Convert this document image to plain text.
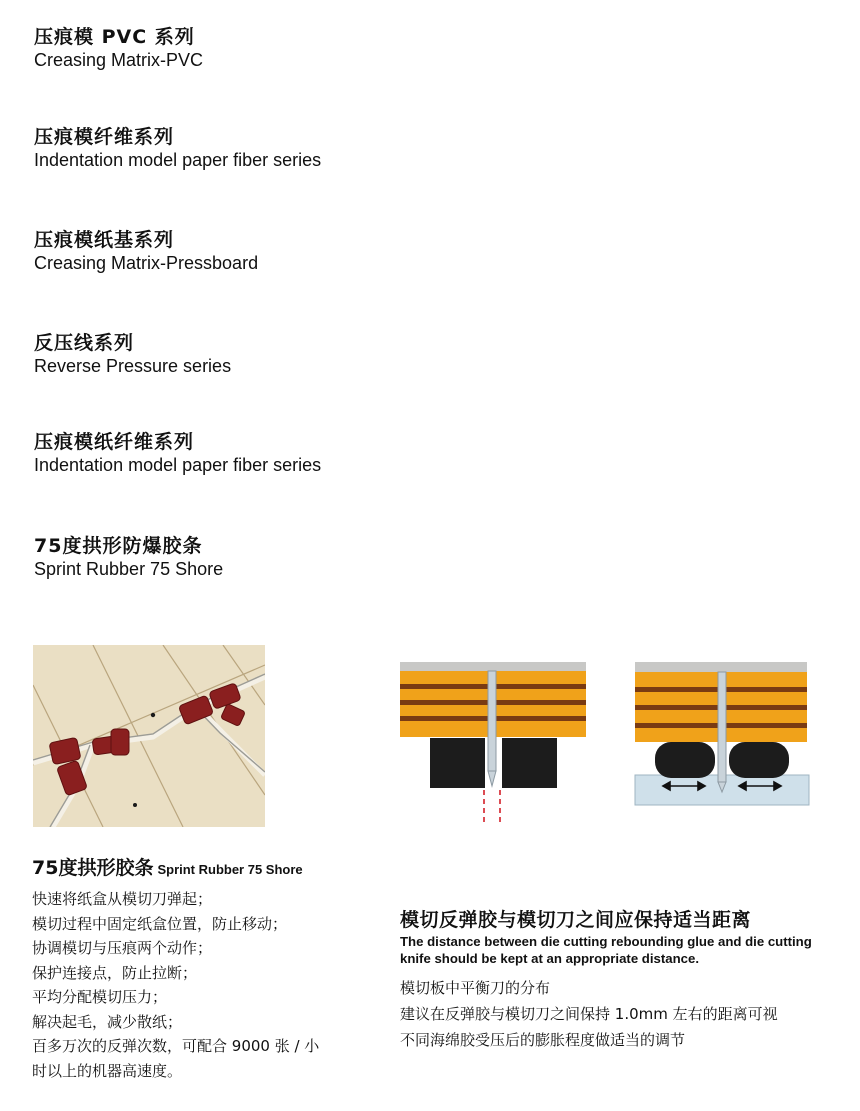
压痕模 PVC 系列
Creasing Matrix-PVC
压痕模纤维系列
Indentation model paper fiber series
压痕模纸基系列
Creasing Matrix-Pressboard
反压线系列
Reverse Pressure series
压痕模纸纤维系列
Indentation model paper fiber series
75度拱形防爆胶条
Sprint Rubber 75 Shore
75度拱形胶条 Sprint Rubber 75 Shore
快速将纸盒从模切刀弹起；
模切过程中固定纸盒位置，防止移动；
协调模切与压痕两个动作；
保护连接点，防止拉断；
平均分配模切压力；
解决起毛，减少散纸；
百多万次的反弹次数，可配合 9000 张 / 小
时以上的机器高速度。
模切反弹胶与模切刀之间应保持适当距离
The distance between die cutting rebounding glue and die cutting knife should be kept at an appropriate distance.
模切板中平衡刀的分布
建议在反弹胶与模切刀之间保持 1.0mm 左右的距离可视
不同海绵胶受压后的膨胀程度做适当的调节
